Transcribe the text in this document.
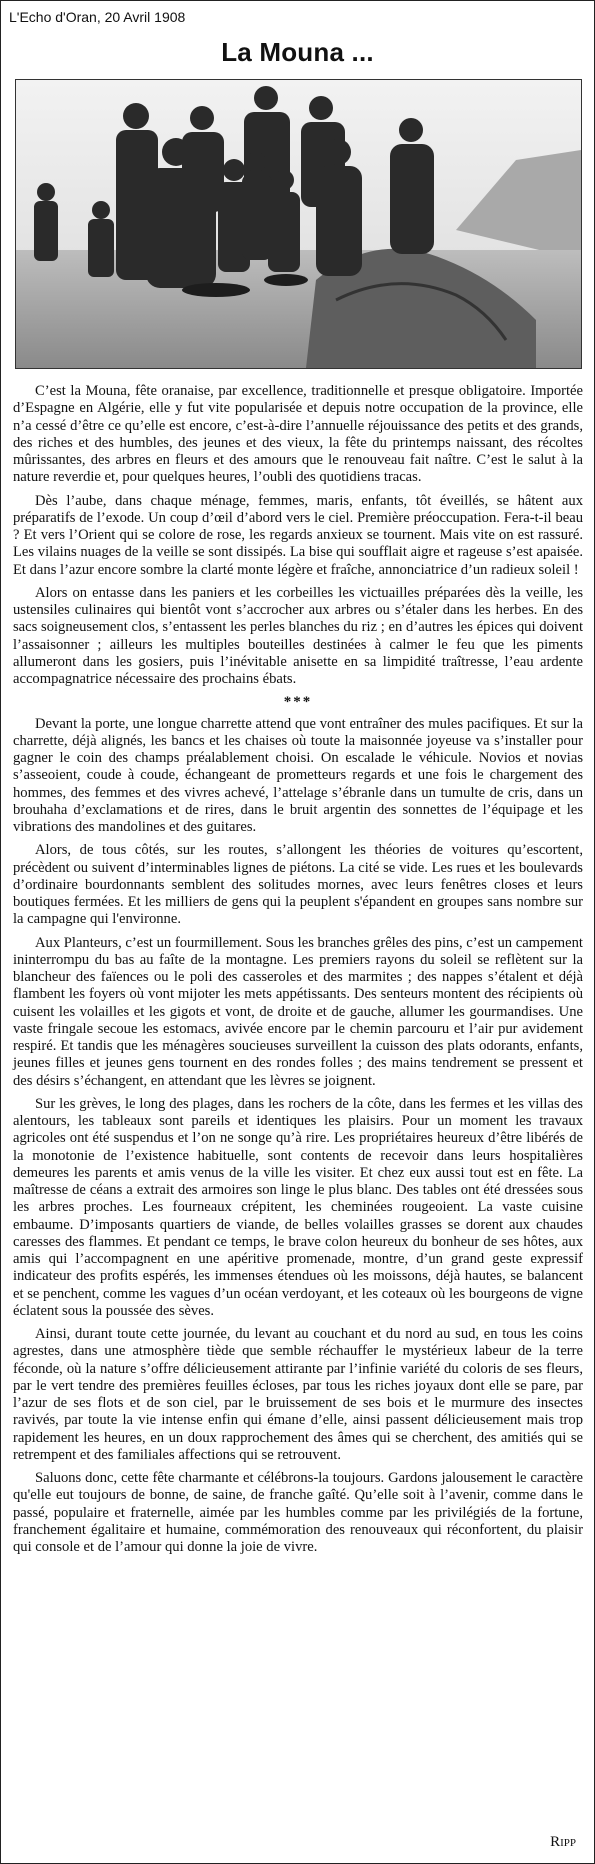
L'Echo d'Oran, 20 Avril 1908
La Mouna ...

C’est la Mouna, fête oranaise, par excellence, traditionnelle et presque obligatoire. Importée d’Espagne en Algérie, elle y fut vite popularisée et depuis notre occupation de la province, elle n’a cessé d’être ce qu’elle est encore, c’est-à-dire l’annuelle réjouissance des petits et des grands, des riches et des humbles, des jeunes et des vieux, la fête du printemps naissant, des récoltes mûrissantes, des arbres en fleurs et des amours que le renouveau fait naître. C’est le salut à la nature reverdie et, pour quelques heures, l’oubli des quotidiens tracas.

Dès l’aube, dans chaque ménage, femmes, maris, enfants, tôt éveillés, se hâtent aux préparatifs de l’exode. Un coup d’œil d’abord vers le ciel. Première préoccupation. Fera-t-il beau ? Et vers l’Orient qui se colore de rose, les regards anxieux se tournent. Mais vite on est rassuré. Les vilains nuages de la veille se sont dissipés. La bise qui soufflait aigre et rageuse s’est apaisée. Et dans l’azur encore sombre la clarté monte légère et fraîche, annonciatrice d’un radieux soleil !

Alors on entasse dans les paniers et les corbeilles les victuailles préparées dès la veille, les ustensiles culinaires qui bientôt vont s’accrocher aux arbres ou s’étaler dans les herbes. En des sacs soigneusement clos, s’entassent les perles blanches du riz ; en d’autres les épices qui doivent l’assaisonner ; ailleurs les multiples bouteilles destinées à calmer le feu que les piments allumeront dans les gosiers, puis l’inévitable anisette en sa limpidité traîtresse, l’eau ardente accompagnatrice nécessaire des prochains ébats.

***

Devant la porte, une longue charrette attend que vont entraîner des mules pacifiques. Et sur la charrette, déjà alignés, les bancs et les chaises où toute la maisonnée joyeuse va s’installer pour gagner le coin des champs préalablement choisi. On escalade le véhicule. Novios et novias s’asseoient, coude à coude, échangeant de prometteurs regards et une fois le chargement des hommes, des femmes et des vivres achevé, l’attelage s’ébranle dans un tumulte de cris, dans un brouhaha d’exclamations et de rires, dans le bruit argentin des sonnettes de l’équipage et les vibrations des mandolines et des guitares.

Alors, de tous côtés, sur les routes, s’allongent les théories de voitures qu’escortent, précèdent ou suivent d’interminables lignes de piétons. La cité se vide. Les rues et les boulevards d’ordinaire bourdonnants semblent des solitudes mornes, avec leurs fenêtres closes et leurs boutiques fermées. Et les milliers de gens qui la peuplent s'épandent en groupes sans nombre sur la campagne qui l'environne.

Aux Planteurs, c’est un fourmillement. Sous les branches grêles des pins, c’est un campement ininterrompu du bas au faîte de la montagne. Les premiers rayons du soleil se reflètent sur la blancheur des faïences ou le poli des casseroles et des marmites ; des nappes s’étalent et déjà flambent les foyers où vont mijoter les mets appétissants. Des senteurs montent des récipients où cuisent les volailles et les gigots et vont, de droite et de gauche, allumer les gourmandises. Une vaste fringale secoue les estomacs, avivée encore par le chemin parcouru et l’air pur avidement respiré. Et tandis que les ménagères soucieuses surveillent la cuisson des plats odorants, enfants, jeunes filles et jeunes gens tournent en des rondes folles ; des mains tendrement se pressent et des désirs s’échangent, en attendant que les lèvres se joignent.

Sur les grèves, le long des plages, dans les rochers de la côte, dans les fermes et les villas des alentours, les tableaux sont pareils et identiques les plaisirs. Pour un moment les travaux agricoles ont été suspendus et l’on ne songe qu’à rire. Les propriétaires heureux d’être libérés de la monotonie de l’existence habituelle, sont contents de recevoir dans leurs hospitalières demeures les parents et amis venus de la ville les visiter. Et chez eux aussi tout est en fête. La maîtresse de céans a extrait des armoires son linge le plus blanc. Des tables ont été dressées sous les arbres proches. Les fourneaux crépitent, les cheminées rougeoient. La vaste cuisine embaume. D’imposants quartiers de viande, de belles volailles grasses se dorent aux chaudes caresses des flammes. Et pendant ce temps, le brave colon heureux du bonheur de ses hôtes, aux amis qui l’accompagnent en une apéritive promenade, montre, d’un grand geste expressif indicateur des profits espérés, les immenses étendues où les moissons, déjà hautes, se balancent et se penchent, comme les vagues d’un océan verdoyant, et les coteaux où les bourgeons de vigne éclatent sous la poussée des sèves.

Ainsi, durant toute cette journée, du levant au couchant et du nord au sud, en tous les coins agrestes, dans une atmosphère tiède que semble réchauffer le mystérieux labeur de la terre féconde, où la nature s’offre délicieusement attirante par l’infinie variété du coloris de ses fleurs, par le vert tendre des premières feuilles écloses, par tous les riches joyaux dont elle se pare, par l’azur de ses flots et de son ciel, par le bruissement de ses bois et le murmure des insectes ravivés, par toute la vie intense enfin qui émane d’elle, ainsi passent délicieusement mais trop rapidement les heures, en un doux rapprochement des âmes qui se cherchent, des amitiés qui se retrempent et des familiales affections qui se retrouvent.

Saluons donc, cette fête charmante et célébrons-la toujours. Gardons jalousement le caractère qu'elle eut toujours de bonne, de saine, de franche gaîté. Qu’elle soit à l’avenir, comme dans le passé, populaire et fraternelle, aimée par les humbles comme par les privilégiés de la fortune, franchement égalitaire et humaine, commémoration des renouveaux qui réconfortent, du plaisir qui console et de l’amour qui donne la joie de vivre.

Ripp
